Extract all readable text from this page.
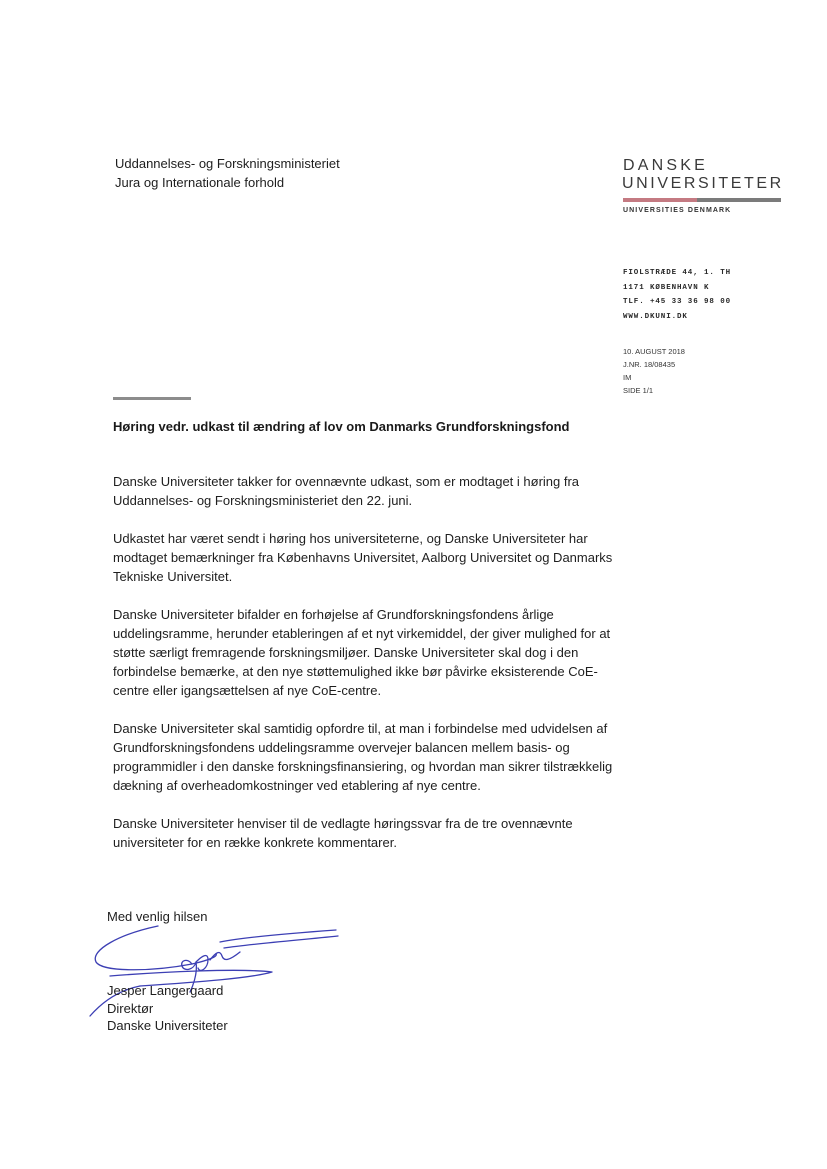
Uddannelses- og Forskningsministeriet
Jura og Internationale forhold
DANSKE
UNIVERSITETER
UNIVERSITIES DENMARK
FIOLSTRÆDE 44, 1. TH
1171 KØBENHAVN K
TLF. +45 33 36 98 00
WWW.DKUNI.DK
10. AUGUST 2018
J.NR. 18/08435
IM
SIDE 1/1
Høring vedr. udkast til ændring af lov om Danmarks Grundforskningsfond

Danske Universiteter takker for ovennævnte udkast, som er modtaget i høring fra Uddannelses- og Forskningsministeriet den 22. juni.

Udkastet har været sendt i høring hos universiteterne, og Danske Universiteter har modtaget bemærkninger fra Københavns Universitet, Aalborg Universitet og Danmarks Tekniske Universitet.

Danske Universiteter bifalder en forhøjelse af Grundforskningsfondens årlige uddelingsramme, herunder etableringen af et nyt virkemiddel, der giver mulighed for at støtte særligt fremragende forskningsmiljøer. Danske Universiteter skal dog i den forbindelse bemærke, at den nye støttemulighed ikke bør påvirke eksisterende CoE-centre eller igangsættelsen af nye CoE-centre.

Danske Universiteter skal samtidig opfordre til, at man i forbindelse med udvidelsen af Grundforskningsfondens uddelingsramme overvejer balancen mellem basis- og programmidler i den danske forskningsfinansiering, og hvordan man sikrer tilstrækkelig dækning af overheadomkostninger ved etablering af nye centre.

Danske Universiteter henviser til de vedlagte høringssvar fra de tre ovennævnte universiteter for en række konkrete kommentarer.

Med venlig hilsen
Jesper Langergaard
Direktør
Danske Universiteter
